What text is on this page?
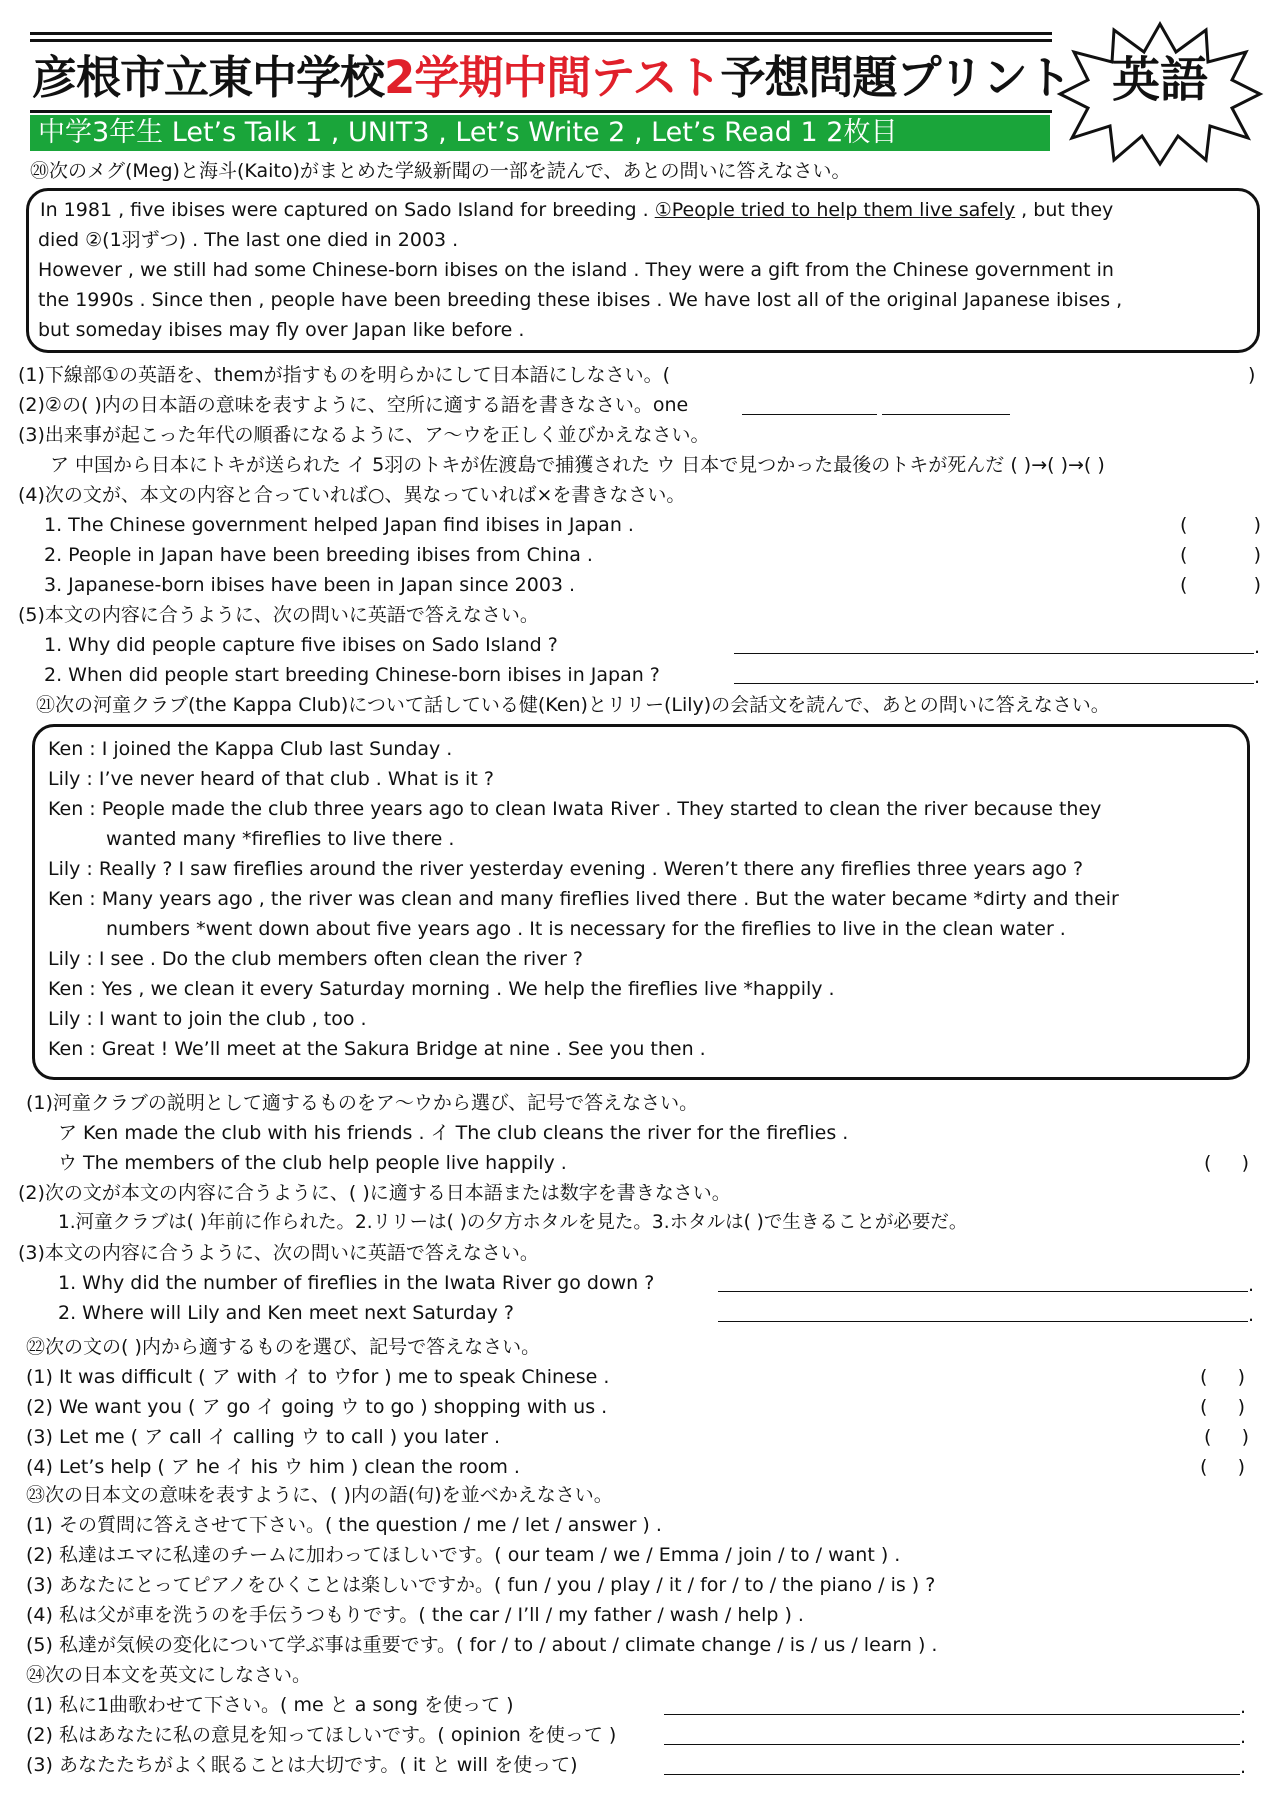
彦根市立東中学校2学期中間テスト予想問題プリント
中学3年生 Let’s Talk 1 , UNIT3 , Let’s Write 2 , Let’s Read 1 2枚目
英語
⑳次のメグ(Meg)と海斗(Kaito)がまとめた学級新聞の一部を読んで、あとの問いに答えなさい。
In 1981 , five ibises were captured on Sado Island for breeding . ①People tried to help them live safely , but they
died ②(1羽ずつ) . The last one died in 2003 .
However , we still had some Chinese-born ibises on the island . They were a gift from the Chinese government in
the 1990s . Since then , people have been breeding these ibises . We have lost all of the original Japanese ibises ,
but someday ibises may fly over Japan like before .
(1)下線部①の英語を、themが指すものを明らかにして日本語にしなさい。(	)
(2)②の( )内の日本語の意味を表すように、空所に適する語を書きなさい。one
(3)出来事が起こった年代の順番になるように、ア～ウを正しく並びかえなさい。
ア 中国から日本にトキが送られた イ 5羽のトキが佐渡島で捕獲された ウ 日本で見つかった最後のトキが死んだ ( )→( )→( )
(4)次の文が、本文の内容と合っていれば○、異なっていれば×を書きなさい。
1. The Chinese government helped Japan find ibises in Japan .	(     )
2. People in Japan have been breeding ibises from China .	(     )
3. Japanese-born ibises have been in Japan since 2003 .	(     )
(5)本文の内容に合うように、次の問いに英語で答えなさい。
1. Why did people capture five ibises on Sado Island ?	.
2. When did people start breeding Chinese-born ibises in Japan ?	.
㉑次の河童クラブ(the Kappa Club)について話している健(Ken)とリリー(Lily)の会話文を読んで、あとの問いに答えなさい。
Ken : I joined the Kappa Club last Sunday .
Lily : I’ve never heard of that club . What is it ?
Ken : People made the club three years ago to clean Iwata River . They started to clean the river because they
wanted many *fireflies to live there .
Lily : Really ? I saw fireflies around the river yesterday evening . Weren’t there any fireflies three years ago ?
Ken : Many years ago , the river was clean and many fireflies lived there . But the water became *dirty and their
numbers *went down about five years ago . It is necessary for the fireflies to live in the clean water .
Lily : I see . Do the club members often clean the river ?
Ken : Yes , we clean it every Saturday morning . We help the fireflies live *happily .
Lily : I want to join the club , too .
Ken : Great ! We’ll meet at the Sakura Bridge at nine . See you then .
(1)河童クラブの説明として適するものをア～ウから選び、記号で答えなさい。
ア Ken made the club with his friends . イ The club cleans the river for the fireflies .
ウ The members of the club help people live happily .	(     )
(2)次の文が本文の内容に合うように、( )に適する日本語または数字を書きなさい。
1.河童クラブは( )年前に作られた。2.リリーは( )の夕方ホタルを見た。3.ホタルは( )で生きることが必要だ。
(3)本文の内容に合うように、次の問いに英語で答えなさい。
1. Why did the number of fireflies in the Iwata River go down ?	.
2. Where will Lily and Ken meet next Saturday ?	.
㉒次の文の( )内から適するものを選び、記号で答えなさい。
(1) It was difficult ( ア with イ to ウfor ) me to speak Chinese .	(     )
(2) We want you ( ア go イ going ウ to go ) shopping with us .	(     )
(3) Let me ( ア call イ calling ウ to call ) you later .	(     )
(4) Let’s help ( ア he イ his ウ him ) clean the room .	(     )
㉓次の日本文の意味を表すように、( )内の語(句)を並べかえなさい。
(1) その質問に答えさせて下さい。( the question / me / let / answer ) .
(2) 私達はエマに私達のチームに加わってほしいです。( our team / we / Emma / join / to / want ) .
(3) あなたにとってピアノをひくことは楽しいですか。( fun / you / play / it / for / to / the piano / is ) ?
(4) 私は父が車を洗うのを手伝うつもりです。( the car / I’ll / my father / wash / help ) .
(5) 私達が気候の変化について学ぶ事は重要です。( for / to / about / climate change / is / us / learn ) .
㉔次の日本文を英文にしなさい。
(1) 私に1曲歌わせて下さい。( me と a song を使って )	.
(2) 私はあなたに私の意見を知ってほしいです。( opinion を使って )	.
(3) あなたたちがよく眠ることは大切です。( it と will を使って)	.
